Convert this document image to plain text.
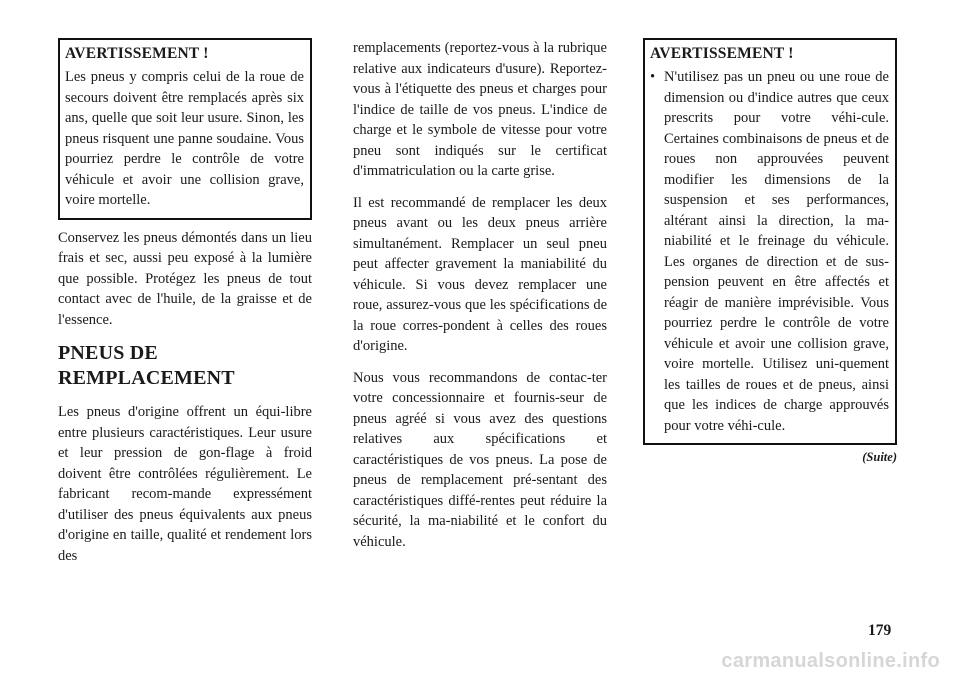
AVERTISSEMENT !

Les pneus y compris celui de la roue de secours doivent être remplacés après six ans, quelle que soit leur usure. Sinon, les pneus risquent une panne soudaine. Vous pourriez perdre le contrôle de votre véhicule et avoir une collision grave, voire mortelle.

Conservez les pneus démontés dans un lieu frais et sec, aussi peu exposé à la lumière que possible. Protégez les pneus de tout contact avec de l'huile, de la graisse et de l'essence.

PNEUS DE
REMPLACEMENT

Les pneus d'origine offrent un équi-libre entre plusieurs caractéristiques. Leur usure et leur pression de gon-flage à froid doivent être contrôlées régulièrement. Le fabricant recom-mande expressément d'utiliser des pneus équivalents aux pneus d'origine en taille, qualité et rendement lors des

remplacements (reportez-vous à la rubrique relative aux indicateurs d'usure). Reportez-vous à l'étiquette des pneus et charges pour l'indice de taille de vos pneus. L'indice de charge et le symbole de vitesse pour votre pneu sont indiqués sur le certificat d'immatriculation ou la carte grise.

Il est recommandé de remplacer les deux pneus avant ou les deux pneus arrière simultanément. Remplacer un seul pneu peut affecter gravement la maniabilité du véhicule. Si vous devez remplacer une roue, assurez-vous que les spécifications de la roue corres-pondent à celles des roues d'origine.

Nous vous recommandons de contac-ter votre concessionnaire et fournis-seur de pneus agréé si vous avez des questions relatives aux spécifications et caractéristiques de vos pneus. La pose de pneus de remplacement pré-sentant des caractéristiques diffé-rentes peut réduire la sécurité, la ma-niabilité et le confort du véhicule.

AVERTISSEMENT !

• N'utilisez pas un pneu ou une roue de dimension ou d'indice autres que ceux prescrits pour votre véhi-cule. Certaines combinaisons de pneus et de roues non approuvées peuvent modifier les dimensions de la suspension et ses performances, altérant ainsi la direction, la ma-niabilité et le freinage du véhicule. Les organes de direction et de sus-pension peuvent en être affectés et réagir de manière imprévisible. Vous pourriez perdre le contrôle de votre véhicule et avoir une collision grave, voire mortelle. Utilisez uni-quement les tailles de roues et de pneus, ainsi que les indices de charge approuvés pour votre véhi-cule.

(Suite)
179
carmanualsonline.info
